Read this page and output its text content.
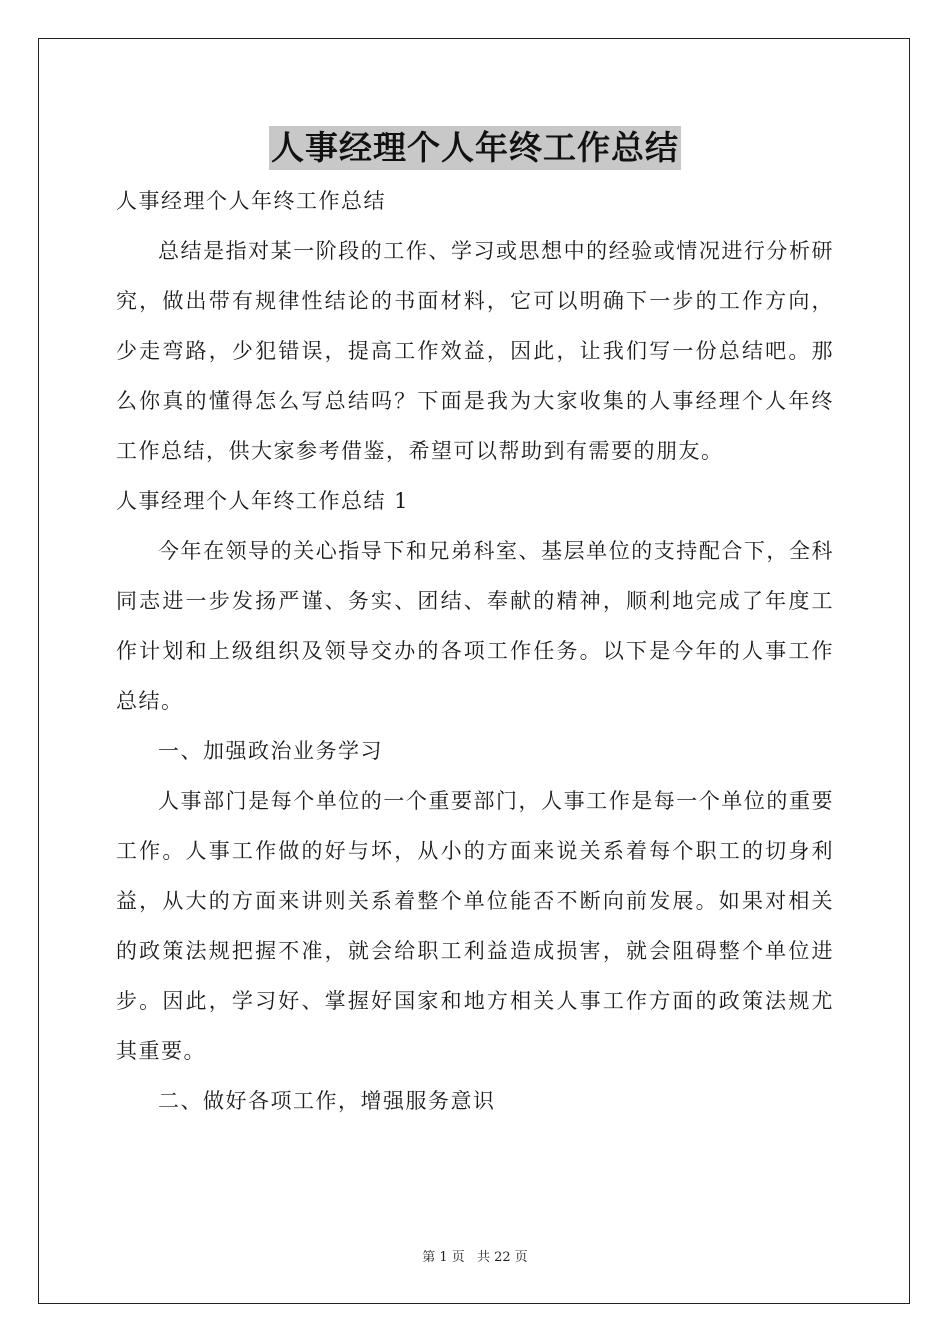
人事经理个人年终工作总结

人事经理个人年终工作总结

总结是指对某一阶段的工作、学习或思想中的经验或情况进行分析研究，做出带有规律性结论的书面材料，它可以明确下一步的工作方向，少走弯路，少犯错误，提高工作效益，因此，让我们写一份总结吧。那么你真的懂得怎么写总结吗？下面是我为大家收集的人事经理个人年终工作总结，供大家参考借鉴，希望可以帮助到有需要的朋友。

人事经理个人年终工作总结 1

今年在领导的关心指导下和兄弟科室、基层单位的支持配合下，全科同志进一步发扬严谨、务实、团结、奉献的精神，顺利地完成了年度工作计划和上级组织及领导交办的各项工作任务。以下是今年的人事工作总结。

一、加强政治业务学习

人事部门是每个单位的一个重要部门，人事工作是每一个单位的重要工作。人事工作做的好与坏，从小的方面来说关系着每个职工的切身利益，从大的方面来讲则关系着整个单位能否不断向前发展。如果对相关的政策法规把握不准，就会给职工利益造成损害，就会阻碍整个单位进步。因此，学习好、掌握好国家和地方相关人事工作方面的政策法规尤其重要。

二、做好各项工作，增强服务意识

第 1 页 共 22 页
